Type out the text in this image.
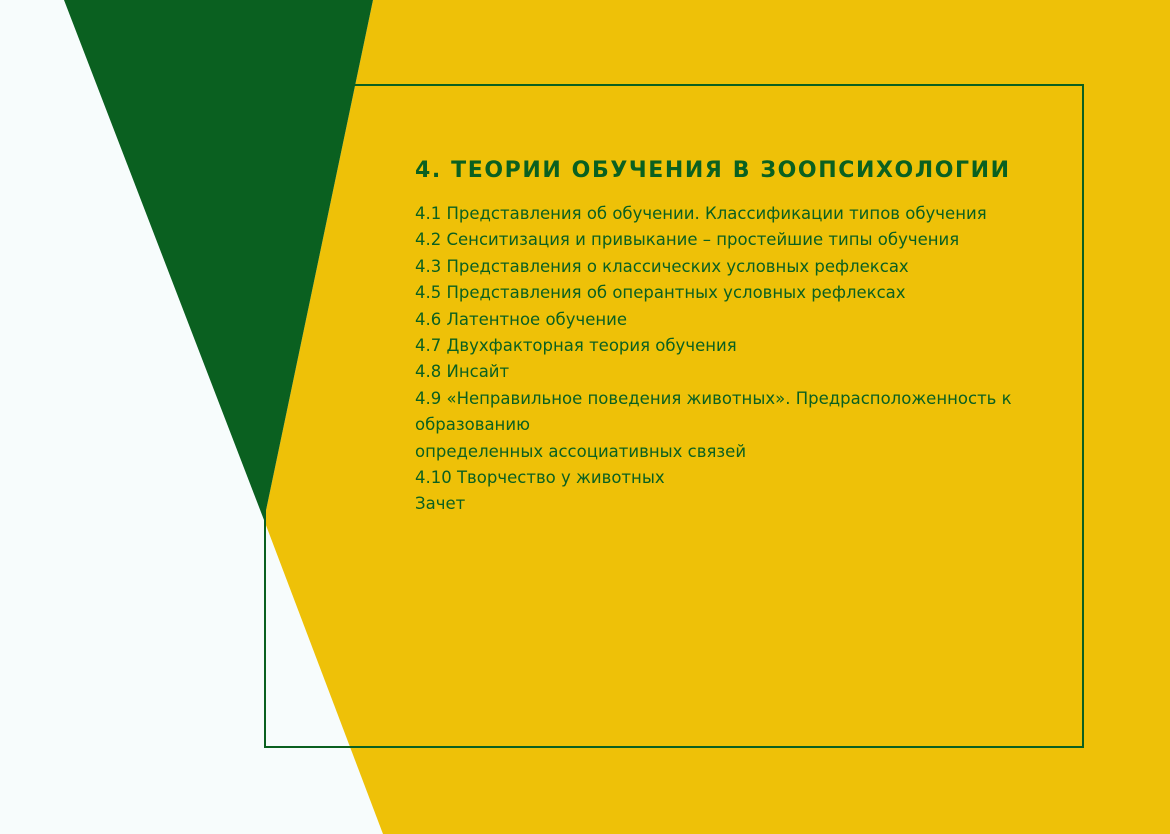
4. ТЕОРИИ ОБУЧЕНИЯ В ЗООПСИХОЛОГИИ
4.1 Представления об обучении. Классификации типов обучения
4.2 Сенситизация и привыкание – простейшие типы обучения
4.3 Представления о классических условных рефлексах
4.5 Представления об оперантных условных рефлексах
4.6 Латентное обучение
4.7 Двухфакторная теория обучения
4.8 Инсайт
4.9 «Неправильное поведения животных». Предрасположенность к
образованию
определенных ассоциативных связей
4.10 Творчество у животных
Зачет
